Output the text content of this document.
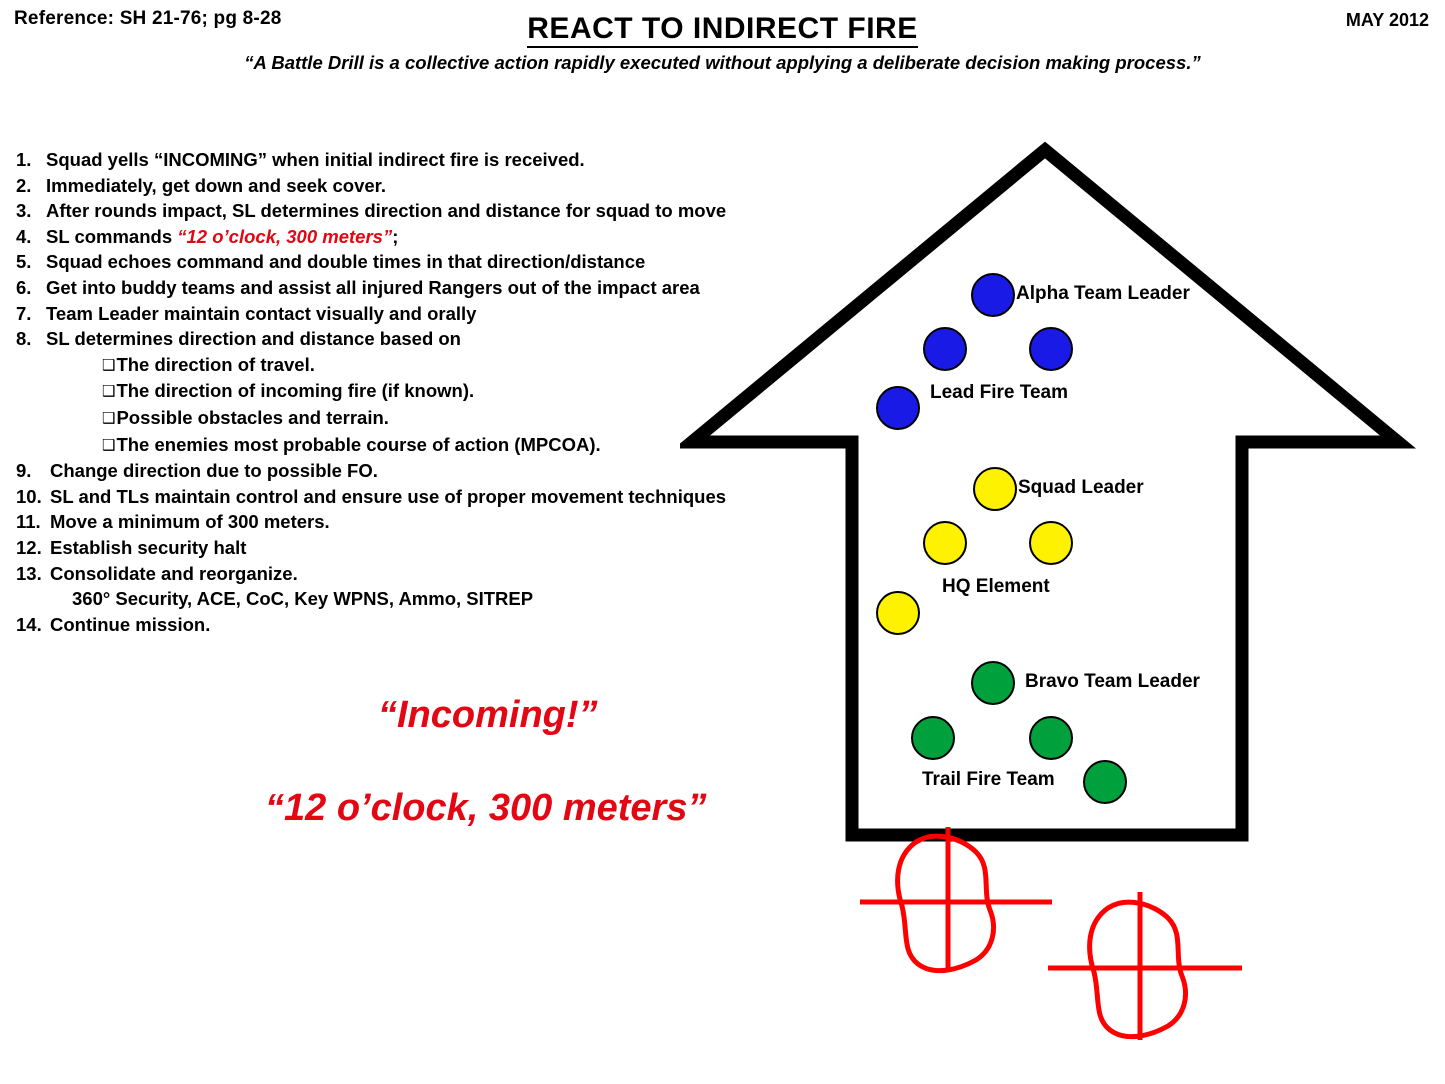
Reference: SH 21-76; pg 8-28	REACT TO INDIRECT FIRE	MAY 2012
“A Battle Drill is a collective action rapidly executed without applying a deliberate decision making process.”
1. Squad yells “INCOMING” when initial indirect fire is received.
2. Immediately, get down and seek cover.
3. After rounds impact, SL determines direction and distance for squad to move
4. SL commands “12 o’clock, 300 meters”;
5. Squad echoes command and double times in that direction/distance
6. Get into buddy teams and assist all injured Rangers out of the impact area
7. Team Leader maintain contact visually and orally
8. SL determines direction and distance based on
❑The direction of travel.
❑The direction of incoming fire (if known).
❑Possible obstacles and terrain.
❑The enemies most probable course of action (MPCOA).
9.	Change direction due to possible FO.
10. SL and TLs maintain control and ensure use of proper movement techniques
11. Move a minimum of 300 meters.
12. Establish security halt
13. Consolidate and reorganize.
360° Security, ACE, CoC, Key WPNS, Ammo, SITREP
14. Continue mission.
“Incoming!”
“12 o’clock, 300 meters”
Alpha Team Leader
Lead Fire Team
Squad Leader
HQ Element
Bravo Team Leader
Trail Fire Team
